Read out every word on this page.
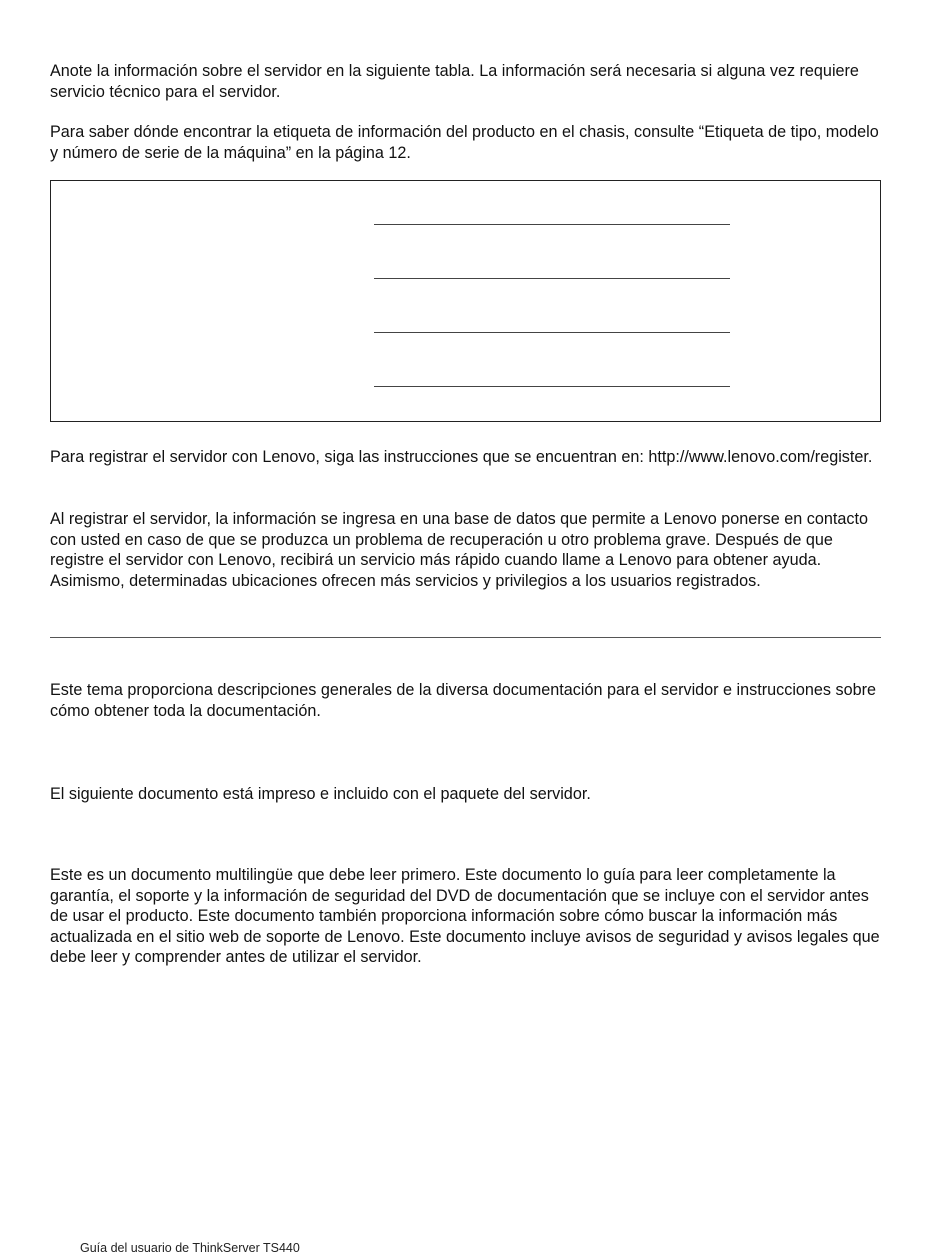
Anote la información sobre el servidor en la siguiente tabla. La información será necesaria si alguna vez requiere servicio técnico para el servidor.

Para saber dónde encontrar la etiqueta de información del producto en el chasis, consulte “Etiqueta de tipo, modelo y número de serie de la máquina” en la página 12.

Para registrar el servidor con Lenovo, siga las instrucciones que se encuentran en: http://www.lenovo.com/register.

Al registrar el servidor, la información se ingresa en una base de datos que permite a Lenovo ponerse en contacto con usted en caso de que se produzca un problema de recuperación u otro problema grave. Después de que registre el servidor con Lenovo, recibirá un servicio más rápido cuando llame a Lenovo para obtener ayuda. Asimismo, determinadas ubicaciones ofrecen más servicios y privilegios a los usuarios registrados.

Este tema proporciona descripciones generales de la diversa documentación para el servidor e instrucciones sobre cómo obtener toda la documentación.

El siguiente documento está impreso e incluido con el paquete del servidor.

Este es un documento multilingüe que debe leer primero. Este documento lo guía para leer completamente la garantía, el soporte y la información de seguridad del DVD de documentación que se incluye con el servidor antes de usar el producto. Este documento también proporciona información sobre cómo buscar la información más actualizada en el sitio web de soporte de Lenovo. Este documento incluye avisos de seguridad y avisos legales que debe leer y comprender antes de utilizar el servidor.

Guía del usuario de ThinkServer TS440
